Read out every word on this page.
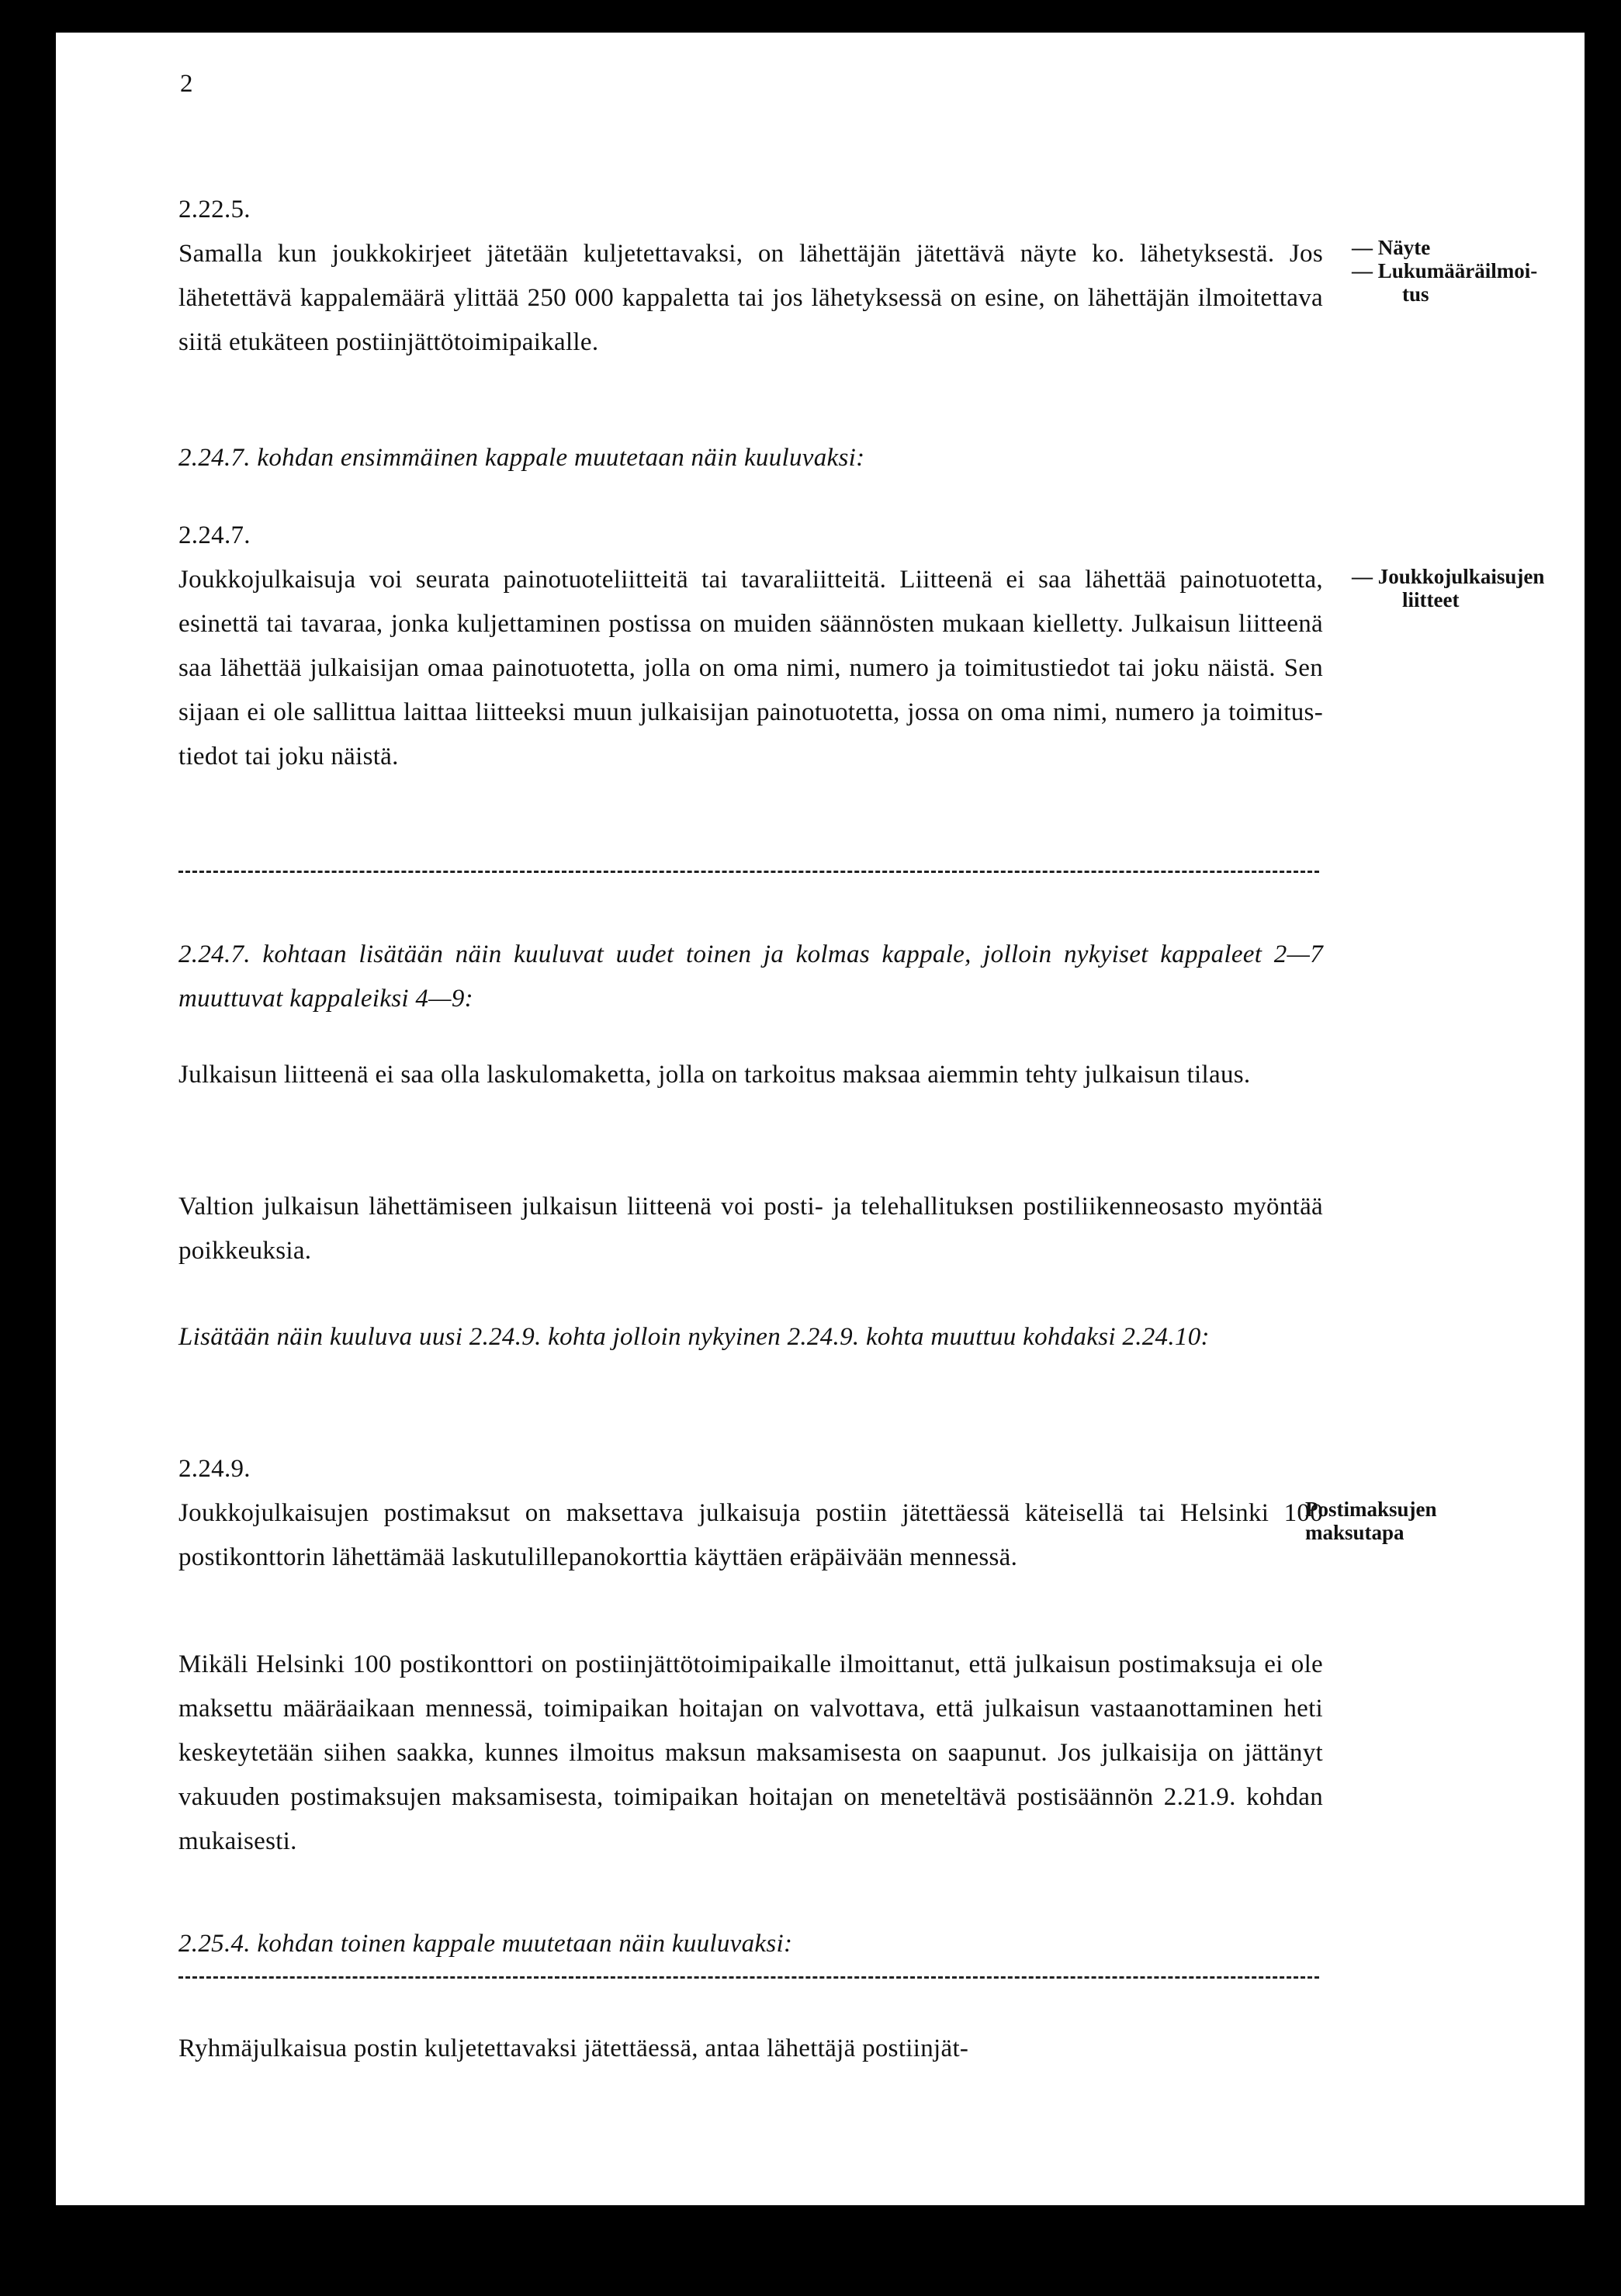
2

2.22.5.

Samalla kun joukkokirjeet jätetään kuljetettavaksi, on lähettäjän jätettävä näyte ko. lähetyksestä. Jos lähetettävä kappalemäärä ylittää 250 000 kappaletta tai jos lähetyksessä on esine, on lähettäjän ilmoitettava siitä etukäteen postiinjättötoimipaikalle.

— Näyte
— Lukumääräilmoi-
tus

2.24.7. kohdan ensimmäinen kappale muutetaan näin kuuluvaksi:

2.24.7.

Joukkojulkaisuja voi seurata painotuoteliitteitä tai tavaraliitteitä. Liitteenä ei saa lähettää painotuotetta, esinettä tai tavaraa, jonka kuljettaminen postissa on muiden säännösten mukaan kielletty. Julkaisun liitteenä saa lähettää julkaisijan omaa painotuotetta, jolla on oma nimi, numero ja toimitustiedot tai joku näistä. Sen sijaan ei ole sallittua laittaa liitteeksi muun julkaisijan painotuotetta, jossa on oma nimi, numero ja toimitus-tiedot tai joku näistä.

— Joukkojulkaisujen
liitteet

2.24.7. kohtaan lisätään näin kuuluvat uudet toinen ja kolmas kappale, jolloin nykyiset kappaleet 2—7 muuttuvat kappaleiksi 4—9:

Julkaisun liitteenä ei saa olla laskulomaketta, jolla on tarkoitus maksaa aiemmin tehty julkaisun tilaus.

Valtion julkaisun lähettämiseen julkaisun liitteenä voi posti- ja telehallituksen postiliikenneosasto myöntää poikkeuksia.

Lisätään näin kuuluva uusi 2.24.9. kohta jolloin nykyinen 2.24.9. kohta muuttuu kohdaksi 2.24.10:

2.24.9.

Joukkojulkaisujen postimaksut on maksettava julkaisuja postiin jätettäessä käteisellä tai Helsinki 100 postikonttorin lähettämää laskutulillepanokorttia käyttäen eräpäivään mennessä.

Postimaksujen
maksutapa

Mikäli Helsinki 100 postikonttori on postiinjättötoimipaikalle ilmoittanut, että julkaisun postimaksuja ei ole maksettu määräaikaan mennessä, toimipaikan hoitajan on valvottava, että julkaisun vastaanottaminen heti keskeytetään siihen saakka, kunnes ilmoitus maksun maksamisesta on saapunut. Jos julkaisija on jättänyt vakuuden postimaksujen maksamisesta, toimipaikan hoitajan on meneteltävä postisäännön 2.21.9. kohdan mukaisesti.

2.25.4. kohdan toinen kappale muutetaan näin kuuluvaksi:

Ryhmäjulkaisua postin kuljetettavaksi jätettäessä, antaa lähettäjä postiinjät-
